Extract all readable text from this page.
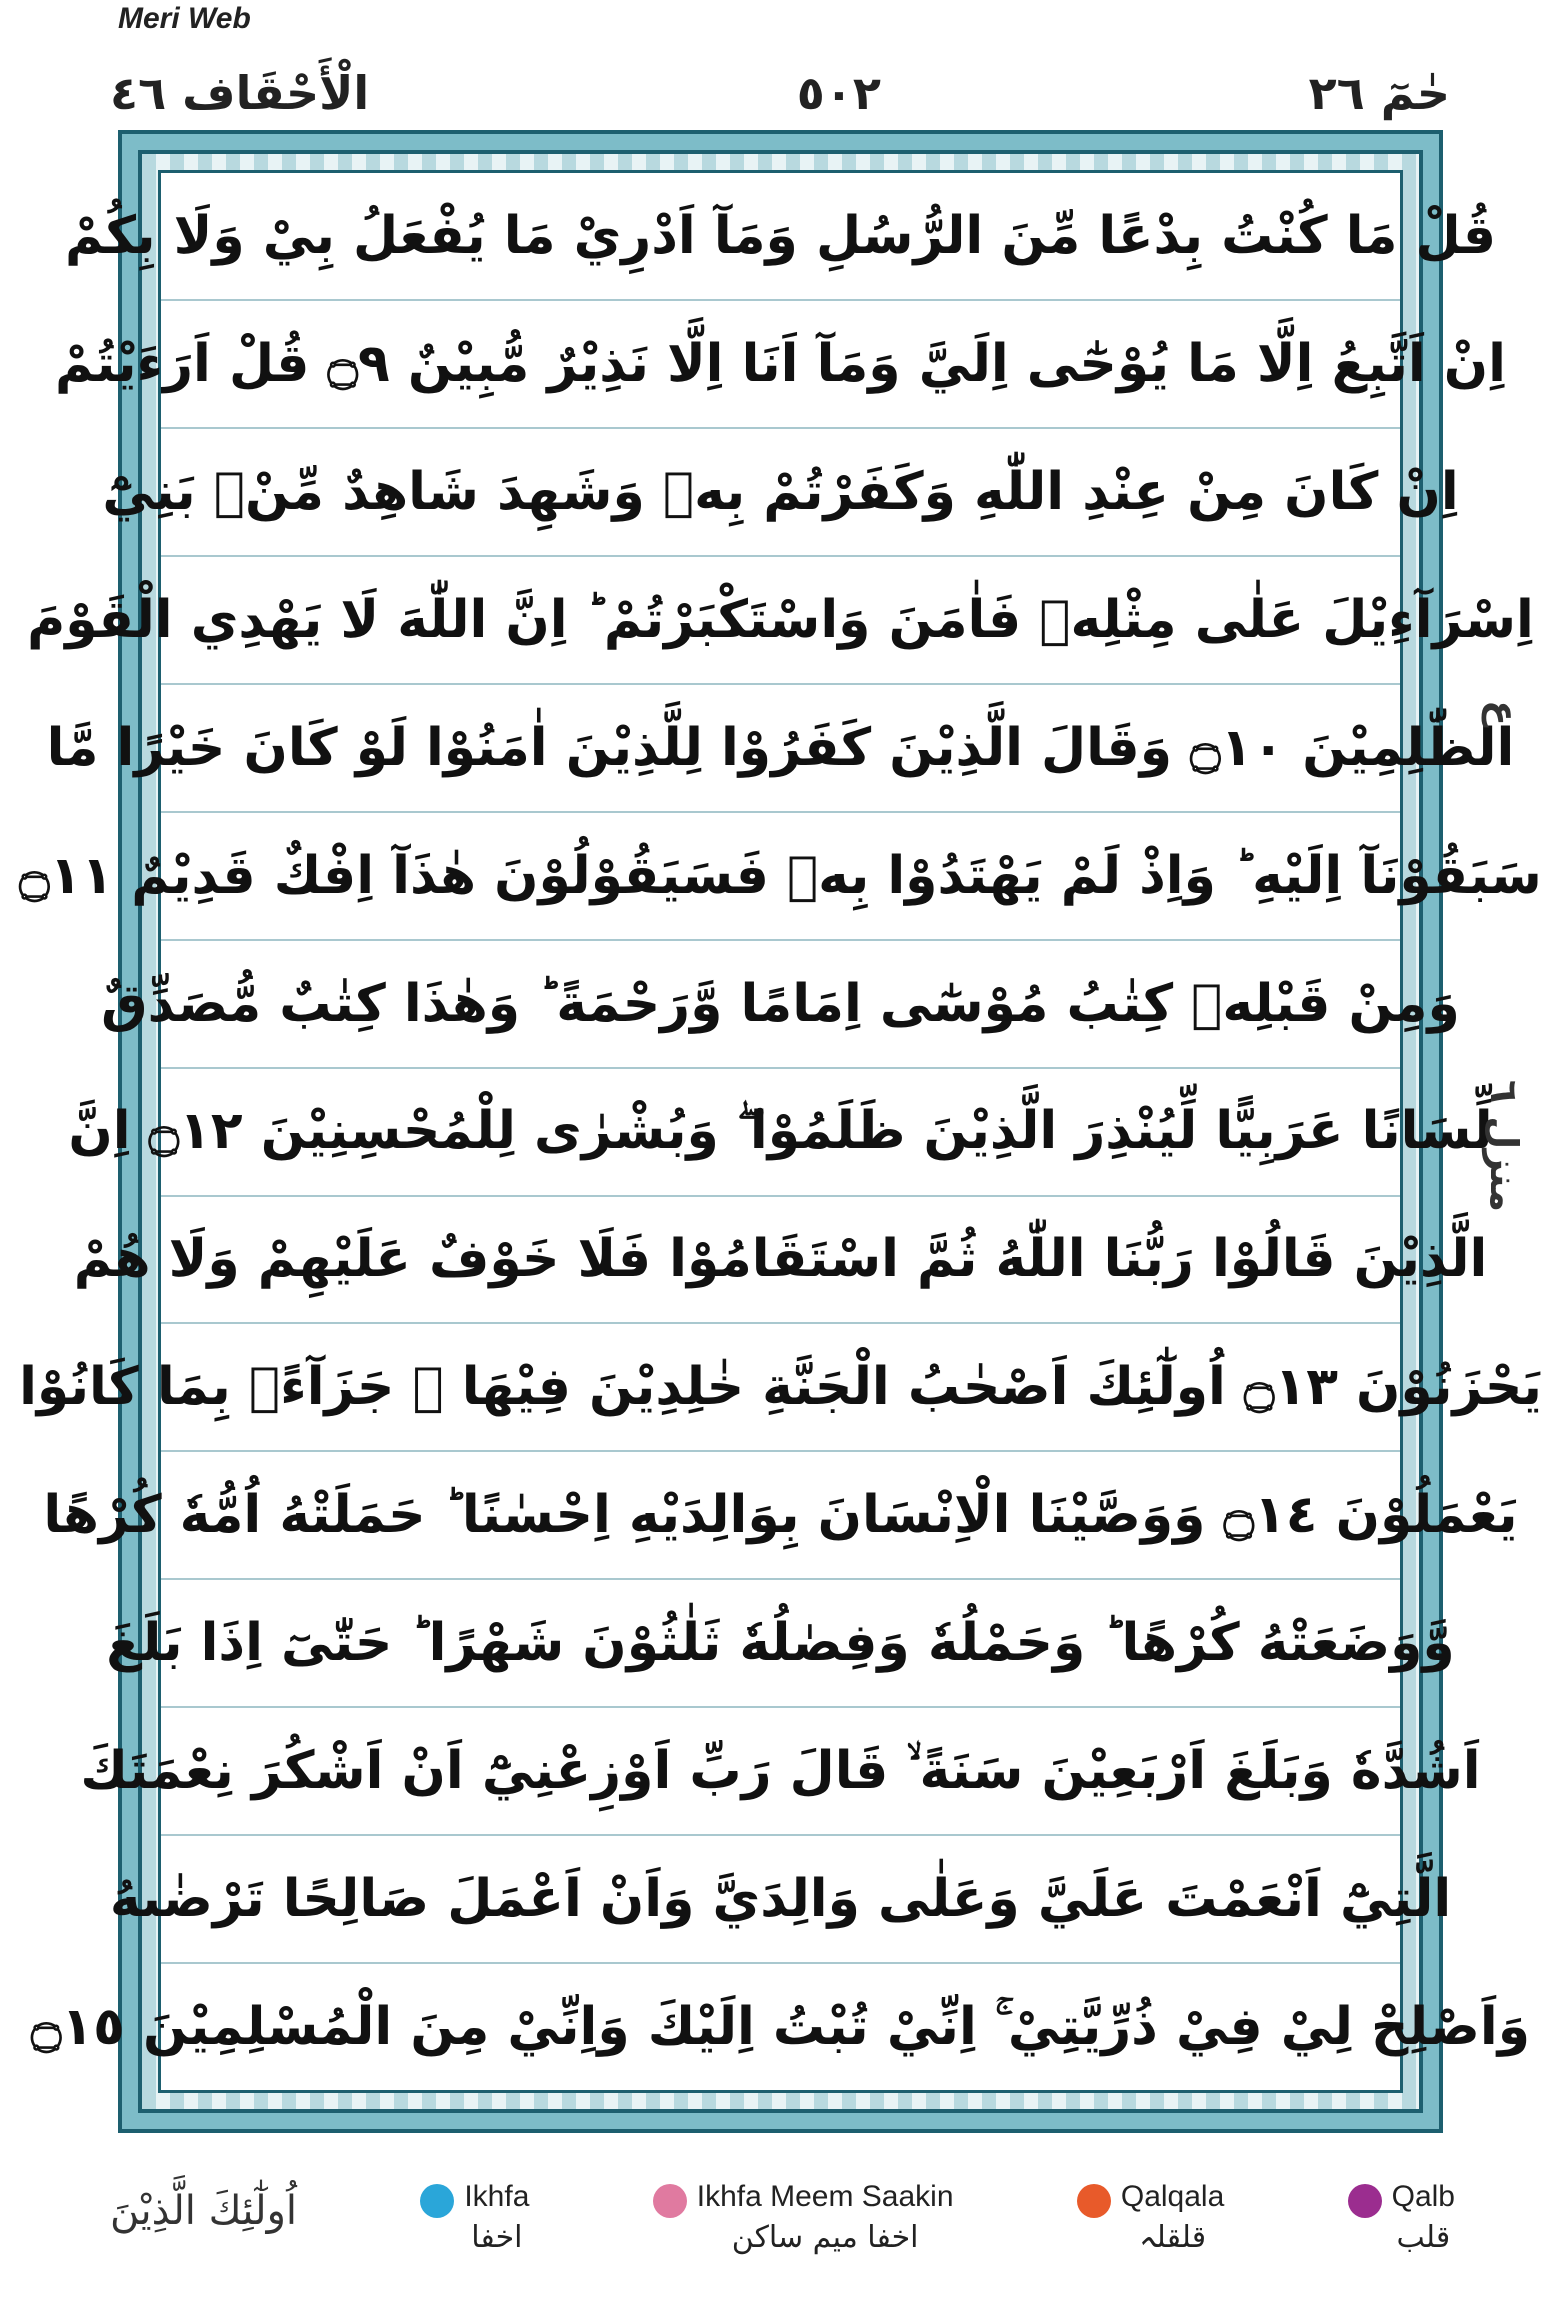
Meri Web
الْأَحْقَاف ٤٦	٥٠٢	حٰمٓ ٢٦
قُلْ مَا كُنْتُ بِدْعًا مِّنَ الرُّسُلِ وَمَآ اَدْرِيْ مَا يُفْعَلُ بِيْ وَلَا بِكُمْ
اِنْ اَتَّبِعُ اِلَّا مَا يُوْحٰٓى اِلَيَّ وَمَآ اَنَا اِلَّا نَذِيْرٌ مُّبِيْنٌ ۝٩ قُلْ اَرَءَيْتُمْ
اِنْ كَانَ مِنْ عِنْدِ اللّٰهِ وَكَفَرْتُمْ بِهٖ وَشَهِدَ شَاهِدٌ مِّنْۢ بَنِيْٓ
اِسْرَآءِيْلَ عَلٰى مِثْلِهٖ فَاٰمَنَ وَاسْتَكْبَرْتُمْ ؕ اِنَّ اللّٰهَ لَا يَهْدِي الْقَوْمَ
الظّٰلِمِيْنَ ۝١٠ وَقَالَ الَّذِيْنَ كَفَرُوْا لِلَّذِيْنَ اٰمَنُوْا لَوْ كَانَ خَيْرًا مَّا
سَبَقُوْنَآ اِلَيْهِ ؕ وَاِذْ لَمْ يَهْتَدُوْا بِهٖ فَسَيَقُوْلُوْنَ هٰذَآ اِفْكٌ قَدِيْمٌ ۝١١
وَمِنْ قَبْلِهٖ كِتٰبُ مُوْسٰٓى اِمَامًا وَّرَحْمَةً ؕ وَهٰذَا كِتٰبٌ مُّصَدِّقٌ
لِّسَانًا عَرَبِيًّا لِّيُنْذِرَ الَّذِيْنَ ظَلَمُوْا ۖ وَبُشْرٰى لِلْمُحْسِنِيْنَ ۝١٢ اِنَّ
الَّذِيْنَ قَالُوْا رَبُّنَا اللّٰهُ ثُمَّ اسْتَقَامُوْا فَلَا خَوْفٌ عَلَيْهِمْ وَلَا هُمْ
يَحْزَنُوْنَ ۝١٣ اُولٰٓئِكَ اَصْحٰبُ الْجَنَّةِ خٰلِدِيْنَ فِيْهَا ۚ جَزَآءًۢ بِمَا كَانُوْا
يَعْمَلُوْنَ ۝١٤ وَوَصَّيْنَا الْاِنْسَانَ بِوَالِدَيْهِ اِحْسٰنًا ؕ حَمَلَتْهُ اُمُّهٗ كُرْهًا
وَّوَضَعَتْهُ كُرْهًا ؕ وَحَمْلُهٗ وَفِصٰلُهٗ ثَلٰثُوْنَ شَهْرًا ؕ حَتّٰىٓ اِذَا بَلَغَ
اَشُدَّهٗ وَبَلَغَ اَرْبَعِيْنَ سَنَةً ۙ قَالَ رَبِّ اَوْزِعْنِيْٓ اَنْ اَشْكُرَ نِعْمَتَكَ
الَّتِيْٓ اَنْعَمْتَ عَلَيَّ وَعَلٰى وَالِدَيَّ وَاَنْ اَعْمَلَ صَالِحًا تَرْضٰىهُ
وَاَصْلِحْ لِيْ فِيْ ذُرِّيَّتِيْ ۚ اِنِّيْ تُبْتُ اِلَيْكَ وَاِنِّيْ مِنَ الْمُسْلِمِيْنَ ۝١٥
ع
منزل ٦
اُولٰٓئِكَ الَّذِيْنَ	Ikhfa
اخفا
Ikhfa Meem Saakin
اخفا میم ساکن
Qalqala
قلقلہ
Qalb
قلب
